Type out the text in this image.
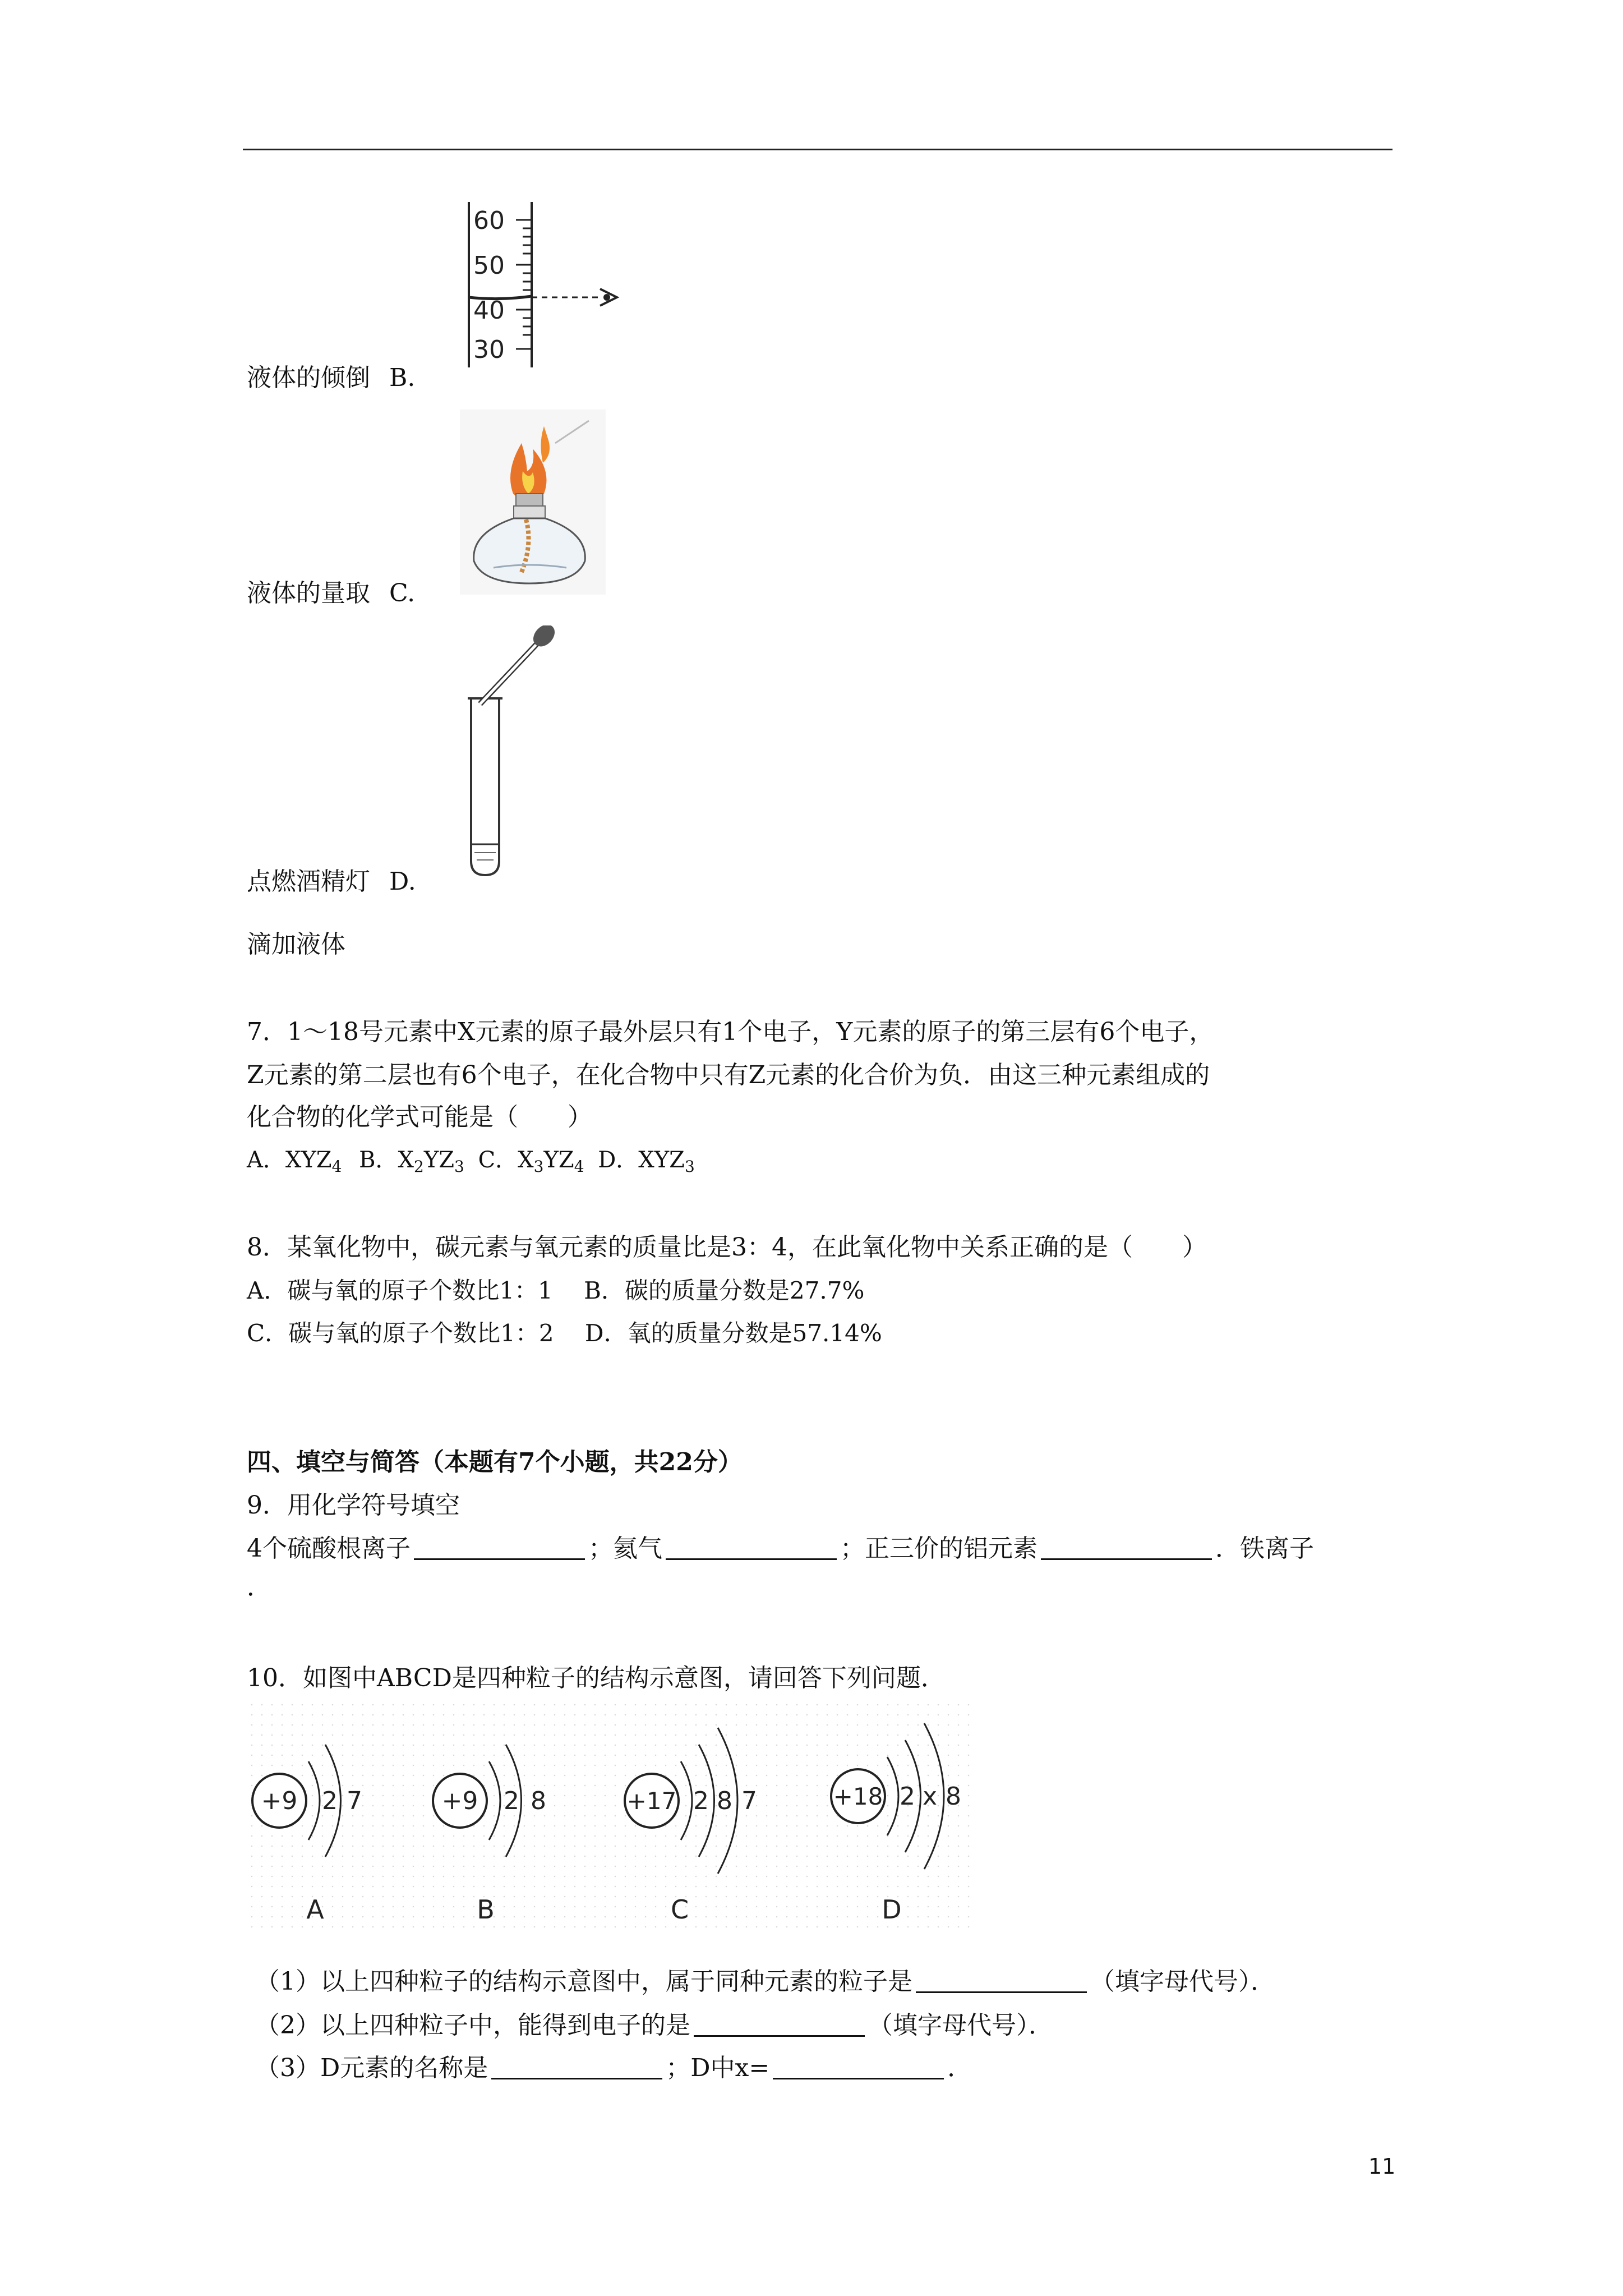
60
50
40
30
液体的倾倒 B.
液体的量取 C.
点燃酒精灯 D.
滴加液体
7．1～18号元素中X元素的原子最外层只有1个电子，Y元素的原子的第三层有6个电子，
Z元素的第二层也有6个电子，在化合物中只有Z元素的化合价为负．由这三种元素组成的
化合物的化学式可能是（　　）
A．$XYZ_4$ B．$X_2YZ_3$ C．$X_3YZ_4$ D．$XYZ_3$
8．某氧化物中，碳元素与氧元素的质量比是3：4，在此氧化物中关系正确的是（　　）
A．碳与氧的原子个数比1：1　 B．碳的质量分数是27.7%
C．碳与氧的原子个数比1：2　 D．氧的质量分数是57.14%
四、填空与简答（本题有7个小题，共22分）
9．用化学符号填空
4个硫酸根离子	；氦气	；正三价的铝元素	．铁离子
．
10．如图中ABCD是四种粒子的结构示意图，请回答下列问题．
+9 2 7
A
+9 2 8
B
+17 2 8 7
C
+18 2 x 8
D
（1）以上四种粒子的结构示意图中，属于同种元素的粒子是	（填字母代号）．
（2）以上四种粒子中，能得到电子的是	（填字母代号）．
（3）D元素的名称是	；D中x=	．
11
